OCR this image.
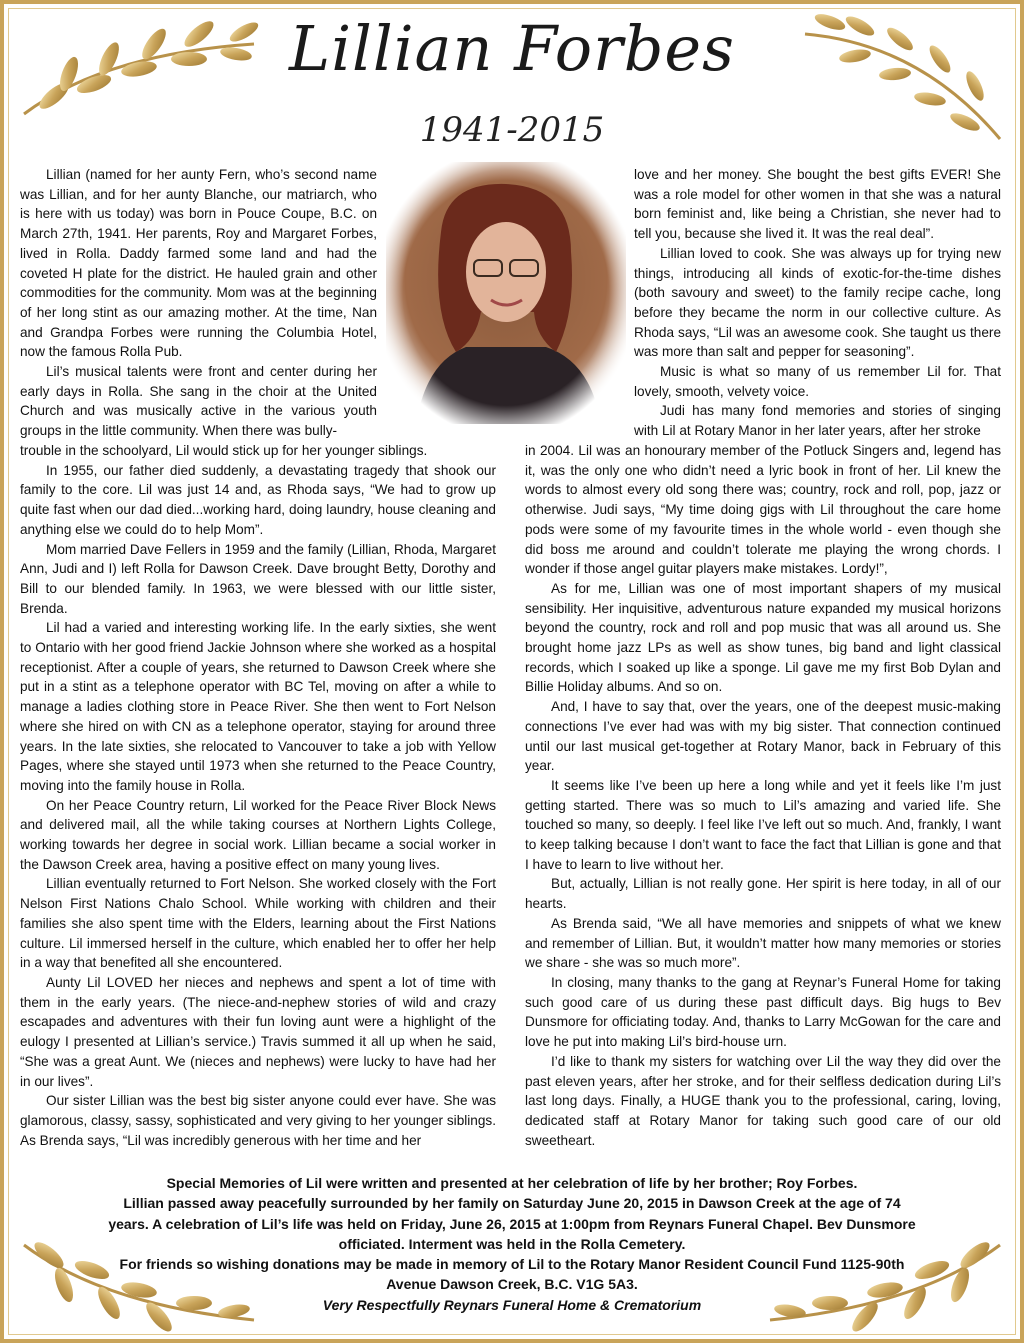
Lillian Forbes
1941-2015

Lillian (named for her aunty Fern, who’s second name was Lillian, and for her aunty Blanche, our matriarch, who is here with us today) was born in Pouce Coupe, B.C. on March 27th, 1941. Her parents, Roy and Margaret Forbes, lived in Rolla. Daddy farmed some land and had the coveted H plate for the district. He hauled grain and other commodities for the community. Mom was at the beginning of her long stint as our amazing mother. At the time, Nan and Grandpa Forbes were running the Columbia Hotel, now the famous Rolla Pub.
Lil’s musical talents were front and center during her early days in Rolla. She sang in the choir at the United Church and was musically active in the various youth groups in the little community. When there was bully-

trouble in the schoolyard, Lil would stick up for her younger siblings.
In 1955, our father died suddenly, a devastating tragedy that shook our family to the core. Lil was just 14 and, as Rhoda says, “We had to grow up quite fast when our dad died...working hard, doing laundry, house cleaning and anything else we could do to help Mom”.
Mom married Dave Fellers in 1959 and the family (Lillian, Rhoda, Margaret Ann, Judi and I) left Rolla for Dawson Creek. Dave brought Betty, Dorothy and Bill to our blended family. In 1963, we were blessed with our little sister, Brenda.
Lil had a varied and interesting working life. In the early sixties, she went to Ontario with her good friend Jackie Johnson where she worked as a hospital receptionist. After a couple of years, she returned to Dawson Creek where she put in a stint as a telephone operator with BC Tel, moving on after a while to manage a ladies clothing store in Peace River. She then went to Fort Nelson where she hired on with CN as a telephone operator, staying for around three years. In the late sixties, she relocated to Vancouver to take a job with Yellow Pages, where she stayed until 1973 when she returned to the Peace Country, moving into the family house in Rolla.
On her Peace Country return, Lil worked for the Peace River Block News and delivered mail, all the while taking courses at Northern Lights College, working towards her degree in social work. Lillian became a social worker in the Dawson Creek area, having a positive effect on many young lives.
Lillian eventually returned to Fort Nelson. She worked closely with the Fort Nelson First Nations Chalo School. While working with children and their families she also spent time with the Elders, learning about the First Nations culture. Lil immersed herself in the culture, which enabled her to offer her help in a way that benefited all she encountered.
Aunty Lil LOVED her nieces and nephews and spent a lot of time with them in the early years. (The niece-and-nephew stories of wild and crazy escapades and adventures with their fun loving aunt were a highlight of the eulogy I presented at Lillian’s service.) Travis summed it all up when he said, “She was a great Aunt. We (nieces and nephews) were lucky to have had her in our lives”.
Our sister Lillian was the best big sister anyone could ever have. She was glamorous, classy, sassy, sophisticated and very giving to her younger siblings. As Brenda says, “Lil was incredibly generous with her time and her

love and her money. She bought the best gifts EVER! She was a role model for other women in that she was a natural born feminist and, like being a Christian, she never had to tell you, because she lived it. It was the real deal”.
Lillian loved to cook. She was always up for trying new things, introducing all kinds of exotic-for-the-time dishes (both savoury and sweet) to the family recipe cache, long before they became the norm in our collective culture. As Rhoda says, “Lil was an awesome cook. She taught us there was more than salt and pepper for seasoning”.
Music is what so many of us remember Lil for. That lovely, smooth, velvety voice.
Judi has many fond memories and stories of singing with Lil at Rotary Manor in her later years, after her stroke

in 2004. Lil was an honourary member of the Potluck Singers and, legend has it, was the only one who didn’t need a lyric book in front of her. Lil knew the words to almost every old song there was; country, rock and roll, pop, jazz or otherwise. Judi says, “My time doing gigs with Lil throughout the care home pods were some of my favourite times in the whole world - even though she did boss me around and couldn’t tolerate me playing the wrong chords. I wonder if those angel guitar players make mistakes. Lordy!”,
As for me, Lillian was one of most important shapers of my musical sensibility. Her inquisitive, adventurous nature expanded my musical horizons beyond the country, rock and roll and pop music that was all around us. She brought home jazz LPs as well as show tunes, big band and light classical records, which I soaked up like a sponge. Lil gave me my first Bob Dylan and Billie Holiday albums. And so on.
And, I have to say that, over the years, one of the deepest music-making connections I’ve ever had was with my big sister. That connection continued until our last musical get-together at Rotary Manor, back in February of this year.
It seems like I’ve been up here a long while and yet it feels like I’m just getting started. There was so much to Lil’s amazing and varied life. She touched so many, so deeply. I feel like I’ve left out so much. And, frankly, I want to keep talking because I don’t want to face the fact that Lillian is gone and that I have to learn to live without her.
But, actually, Lillian is not really gone. Her spirit is here today, in all of our hearts.
As Brenda said, “We all have memories and snippets of what we knew and remember of Lillian. But, it wouldn’t matter how many memories or stories we share - she was so much more”.
In closing, many thanks to the gang at Reynar’s Funeral Home for taking such good care of us during these past difficult days. Big hugs to Bev Dunsmore for officiating today. And, thanks to Larry McGowan for the care and love he put into making Lil’s bird-house urn.
I’d like to thank my sisters for watching over Lil the way they did over the past eleven years, after her stroke, and for their selfless dedication during Lil’s last long days. Finally, a HUGE thank you to the professional, caring, loving, dedicated staff at Rotary Manor for taking such good care of our old sweetheart.

Special Memories of Lil were written and presented at her celebration of life by her brother; Roy Forbes.
Lillian passed away peacefully surrounded by her family on Saturday June 20, 2015 in Dawson Creek at the age of 74
years. A celebration of Lil’s life was held on Friday, June 26, 2015 at 1:00pm from Reynars Funeral Chapel. Bev Dunsmore
officiated. Interment was held in the Rolla Cemetery.
For friends so wishing donations may be made in memory of Lil to the Rotary Manor Resident Council Fund 1125-90th
Avenue Dawson Creek, B.C. V1G 5A3.
Very Respectfully Reynars Funeral Home & Crematorium
